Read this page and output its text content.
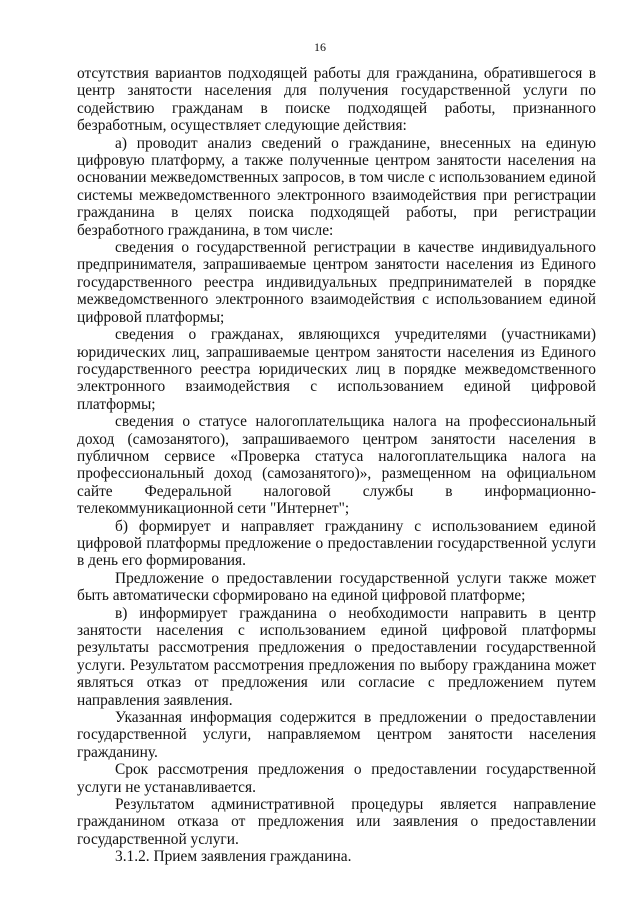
16

отсутствия вариантов подходящей работы для гражданина, обратившегося в центр занятости населения для получения государственной услуги по содействию гражданам в поиске подходящей работы, признанного безработным, осуществляет следующие действия:

а) проводит анализ сведений о гражданине, внесенных на единую цифровую платформу, а также полученные центром занятости населения на основании межведомственных запросов, в том числе с использованием единой системы межведомственного электронного взаимодействия при регистрации гражданина в целях поиска подходящей работы, при регистрации безработного гражданина, в том числе:

сведения о государственной регистрации в качестве индивидуального предпринимателя, запрашиваемые центром занятости населения из Единого государственного реестра индивидуальных предпринимателей в порядке межведомственного электронного взаимодействия с использованием единой цифровой платформы;

сведения о гражданах, являющихся учредителями (участниками) юридических лиц, запрашиваемые центром занятости населения из Единого государственного реестра юридических лиц в порядке межведомственного электронного взаимодействия с использованием единой цифровой платформы;

сведения о статусе налогоплательщика налога на профессиональный доход (самозанятого), запрашиваемого центром занятости населения в публичном сервисе «Проверка статуса налогоплательщика налога на профессиональный доход (самозанятого)», размещенном на официальном сайте Федеральной налоговой службы в информационно-телекоммуникационной сети "Интернет";

б) формирует и направляет гражданину с использованием единой цифровой платформы предложение о предоставлении государственной услуги в день его формирования.

Предложение о предоставлении государственной услуги также может быть автоматически сформировано на единой цифровой платформе;

в) информирует гражданина о необходимости направить в центр занятости населения с использованием единой цифровой платформы результаты рассмотрения предложения о предоставлении государственной услуги. Результатом рассмотрения предложения по выбору гражданина может являться отказ от предложения или согласие с предложением путем направления заявления.

Указанная информация содержится в предложении о предоставлении государственной услуги, направляемом центром занятости населения гражданину.

Срок рассмотрения предложения о предоставлении государственной услуги не устанавливается.

Результатом административной процедуры является направление гражданином отказа от предложения или заявления о предоставлении государственной услуги.

3.1.2. Прием заявления гражданина.
